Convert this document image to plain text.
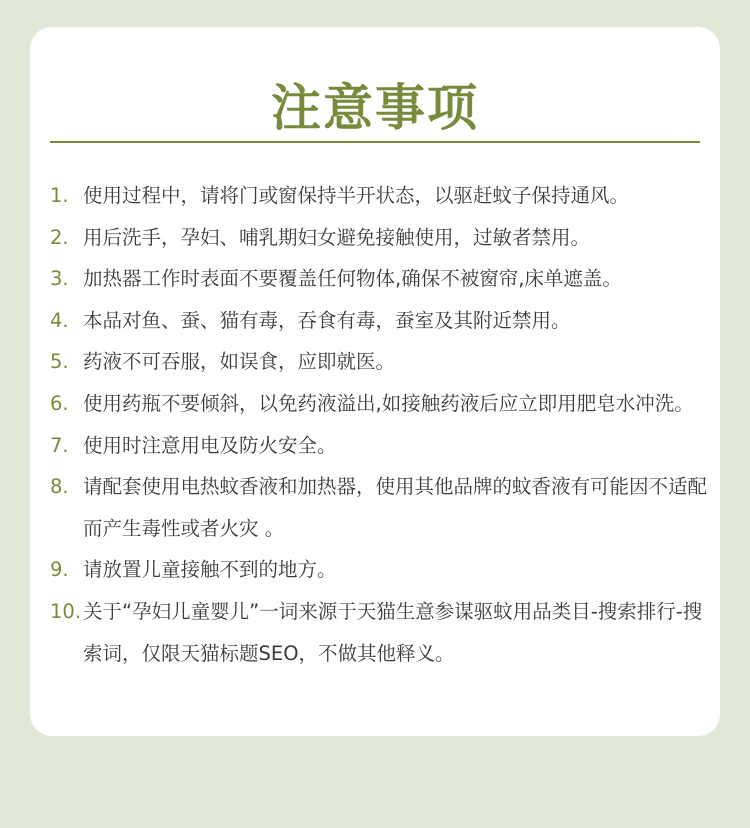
注意事项
1. 使用过程中，请将门或窗保持半开状态，以驱赶蚊子保持通风。
2. 用后洗手，孕妇、哺乳期妇女避免接触使用，过敏者禁用。
3. 加热器工作时表面不要覆盖任何物体,确保不被窗帘,床单遮盖。
4. 本品对鱼、蚕、猫有毒，吞食有毒，蚕室及其附近禁用。
5. 药液不可吞服，如误食，应即就医。
6. 使用药瓶不要倾斜，以免药液溢出,如接触药液后应立即用肥皂水冲洗。
7. 使用时注意用电及防火安全。
8. 请配套使用电热蚊香液和加热器，使用其他品牌的蚊香液有可能因不适配而产生毒性或者火灾 。
9. 请放置儿童接触不到的地方。
10. 关于“孕妇儿童婴儿”一词来源于天猫生意参谋驱蚊用品类目-搜索排行-搜索词，仅限天猫标题SEO，不做其他释义。
